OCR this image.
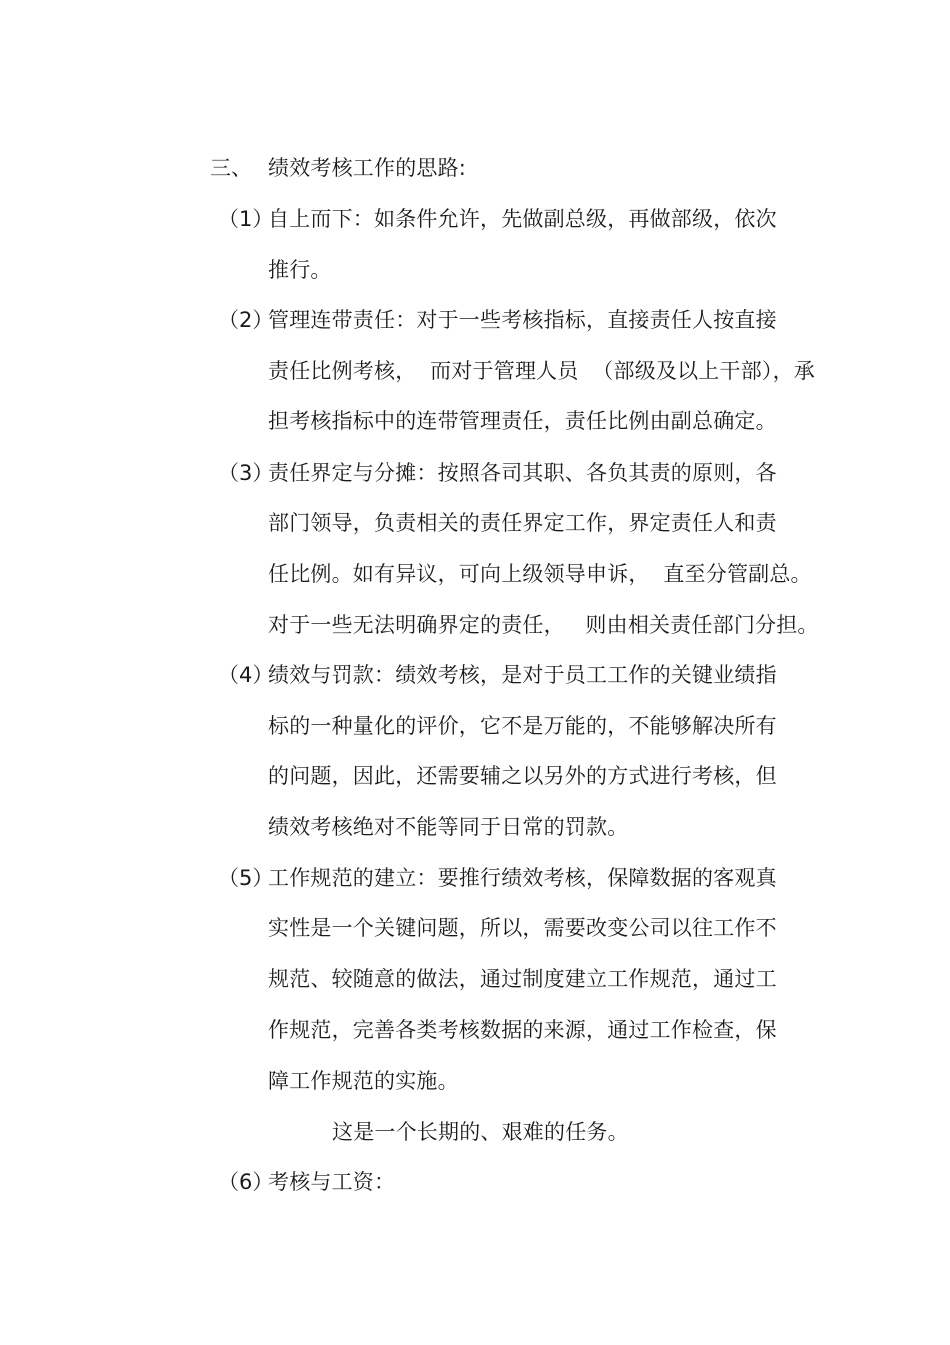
三、 绩效考核工作的思路:
（1）
自上而下：如条件允许，先做副总级，再做部级，依次
推行。
（2）
管理连带责任：对于一些考核指标，直接责任人按直接
责任比例考核，  而对于管理人员  （部级及以上干部），承
担考核指标中的连带管理责任，责任比例由副总确定。
（3）
责任界定与分摊：按照各司其职、各负其责的原则，各
部门领导，负责相关的责任界定工作，界定责任人和责
任比例。如有异议，可向上级领导申诉，  直至分管副总。
对于一些无法明确界定的责任，   则由相关责任部门分担。
（4）
绩效与罚款：绩效考核，是对于员工工作的关键业绩指
标的一种量化的评价，它不是万能的，不能够解决所有
的问题，因此，还需要辅之以另外的方式进行考核，但
绩效考核绝对不能等同于日常的罚款。
（5）
工作规范的建立：要推行绩效考核，保障数据的客观真
实性是一个关键问题，所以，需要改变公司以往工作不
规范、较随意的做法，通过制度建立工作规范，通过工
作规范，完善各类考核数据的来源，通过工作检查，保
障工作规范的实施。
这是一个长期的、艰难的任务。
（6）
考核与工资：
